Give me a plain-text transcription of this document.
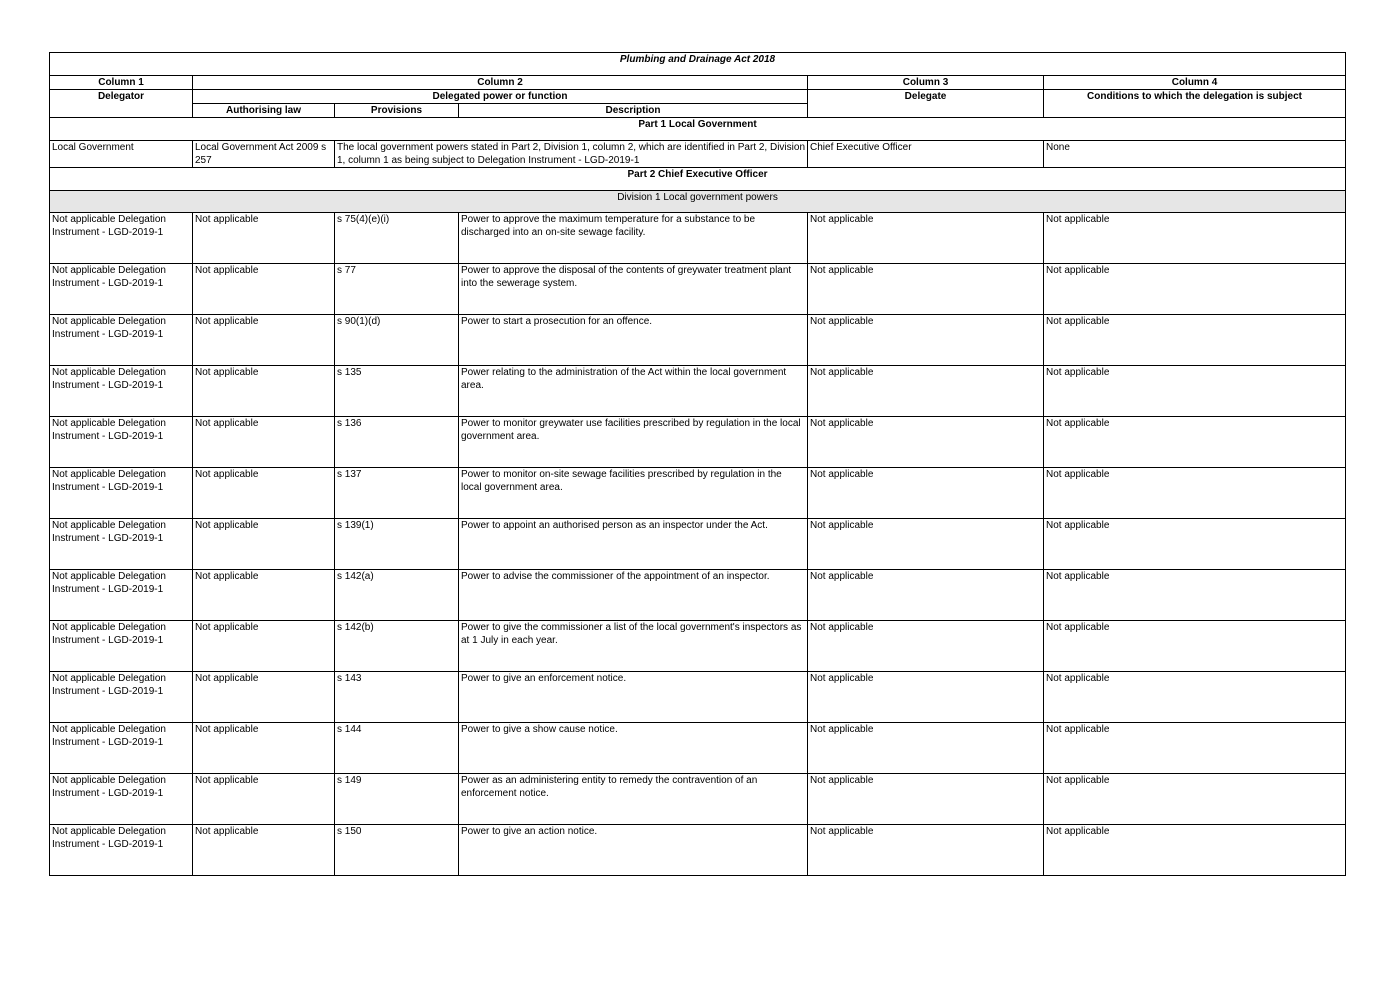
Plumbing and Drainage Act 2018					
Column 1	Column 2			Column 3	Column 4
Delegator	Delegated power or function			Delegate	Conditions to which the delegation is subject
	Authorising law	Provisions	Description		
Part 1 Local Government					
Local Government	Local Government Act 2009 s 257	The local government powers stated in Part 2, Division 1, column 2, which are identified in Part 2, Division 1, column 1 as being subject to Delegation Instrument - LGD-2019-1		Chief Executive Officer	None
Part 2 Chief Executive Officer					
Division 1 Local government powers					
Not applicable Delegation Instrument - LGD-2019-1	Not applicable	s 75(4)(e)(i)	Power to approve the maximum temperature for a substance to be discharged into an on-site sewage facility.	Not applicable	Not applicable
Not applicable Delegation Instrument - LGD-2019-1	Not applicable	s 77	Power to approve the disposal of the contents of greywater treatment plant into the sewerage system.	Not applicable	Not applicable
Not applicable Delegation Instrument - LGD-2019-1	Not applicable	s 90(1)(d)	Power to start a prosecution for an offence.	Not applicable	Not applicable
Not applicable Delegation Instrument - LGD-2019-1	Not applicable	s 135	Power relating to the administration of the Act within the local government area.	Not applicable	Not applicable
Not applicable Delegation Instrument - LGD-2019-1	Not applicable	s 136	Power to monitor greywater use facilities prescribed by regulation in the local government area.	Not applicable	Not applicable
Not applicable Delegation Instrument - LGD-2019-1	Not applicable	s 137	Power to monitor on-site sewage facilities prescribed by regulation in the local government area.	Not applicable	Not applicable
Not applicable Delegation Instrument - LGD-2019-1	Not applicable	s 139(1)	Power to appoint an authorised person as an inspector under the Act.	Not applicable	Not applicable
Not applicable Delegation Instrument - LGD-2019-1	Not applicable	s 142(a)	Power to advise the commissioner of the appointment of an inspector.	Not applicable	Not applicable
Not applicable Delegation Instrument - LGD-2019-1	Not applicable	s 142(b)	Power to give the commissioner a list of the local government's inspectors as at 1 July in each year.	Not applicable	Not applicable
Not applicable Delegation Instrument - LGD-2019-1	Not applicable	s 143	Power to give an enforcement notice.	Not applicable	Not applicable
Not applicable Delegation Instrument - LGD-2019-1	Not applicable	s 144	Power to give a show cause notice.	Not applicable	Not applicable
Not applicable Delegation Instrument - LGD-2019-1	Not applicable	s 149	Power as an administering entity to remedy the contravention of an enforcement notice.	Not applicable	Not applicable
Not applicable Delegation Instrument - LGD-2019-1	Not applicable	s 150	Power to give an action notice.	Not applicable	Not applicable
